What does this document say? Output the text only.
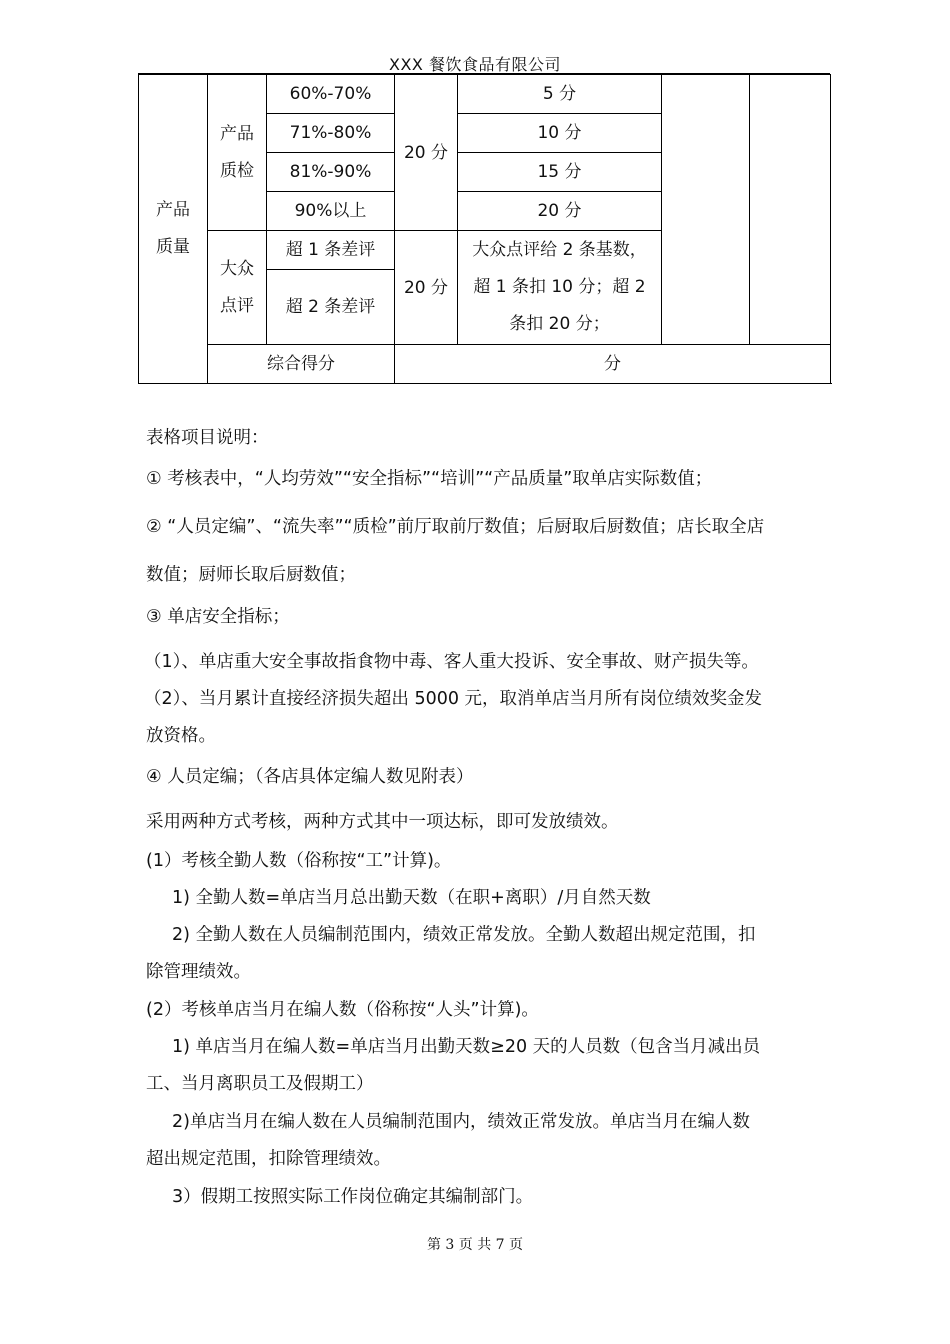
XXX 餐饮食品有限公司
产品质量	产品质检	60%-70%	20 分	5 分		
		71%-80%		10 分		
		81%-90%		15 分		
		90%以上		20 分		

	大众点评	超 1 条差评	20 分	大众点评给 2 条基数，超 1 条扣 10 分；超 2 条扣 20 分；		

		超 2 条差评				
	综合得分		分			
表格项目说明：
① 考核表中，“人均劳效”“安全指标”“培训”“产品质量”取单店实际数值；
② “人员定编”、“流失率”“质检”前厅取前厅数值；后厨取后厨数值；店长取全店
数值；厨师长取后厨数值；
③ 单店安全指标；
（1）、单店重大安全事故指食物中毒、客人重大投诉、安全事故、财产损失等。
（2）、当月累计直接经济损失超出 5000 元，取消单店当月所有岗位绩效奖金发
放资格。
④ 人员定编；（各店具体定编人数见附表）
采用两种方式考核，两种方式其中一项达标，即可发放绩效。
(1）考核全勤人数（俗称按“工”计算)。
1) 全勤人数=单店当月总出勤天数（在职+离职）/月自然天数
2) 全勤人数在人员编制范围内，绩效正常发放。全勤人数超出规定范围，扣
除管理绩效。
(2）考核单店当月在编人数（俗称按“人头”计算)。
1) 单店当月在编人数=单店当月出勤天数≥20 天的人员数（包含当月减出员
工、当月离职员工及假期工）
2)单店当月在编人数在人员编制范围内，绩效正常发放。单店当月在编人数
超出规定范围，扣除管理绩效。
3）假期工按照实际工作岗位确定其编制部门。
第 3 页 共 7 页
